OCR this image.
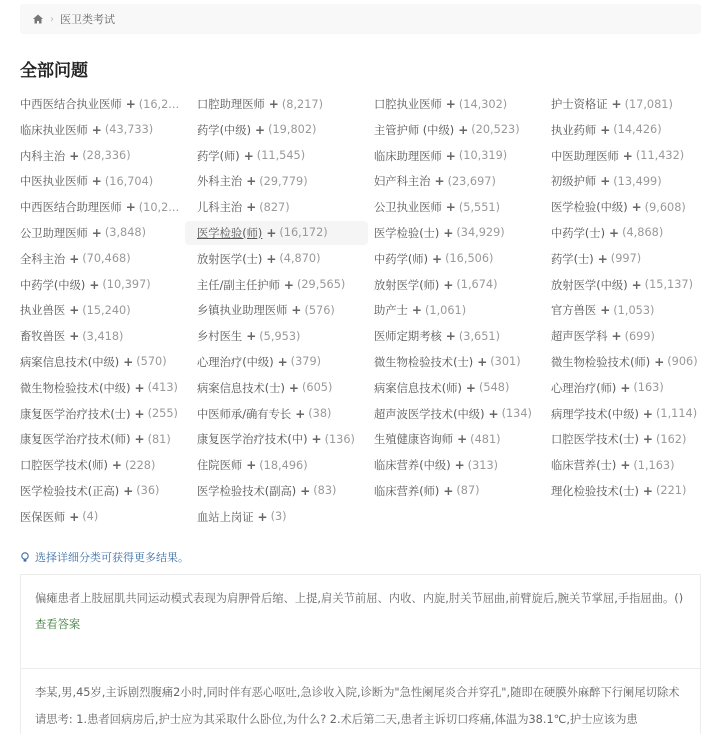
› 医卫类考试
全部问题
中西医结合执业医师 + (16,2... 口腔助理医师 + (8,217)	口腔执业医师 + (14,302)	护士资格证 + (17,081)
临床执业医师 + (43,733)	药学(中级) + (19,802)	主管护师 (中级) + (20,523)	执业药师 + (14,426)
内科主治 + (28,336)	药学(师) + (11,545)	临床助理医师 + (10,319)	中医助理医师 + (11,432)
中医执业医师 + (16,704)	外科主治 + (29,779)	妇产科主治 + (23,697)	初级护师 + (13,499)
中西医结合助理医师 + (10,2... 儿科主治 + (827)	公卫执业医师 + (5,551)	医学检验(中级) + (9,608)
公卫助理医师 + (3,848)	医学检验(师) + (16,172)	医学检验(士) + (34,929)	中药学(士) + (4,868)
全科主治 + (70,468)	放射医学(士) + (4,870)	中药学(师) + (16,506)	药学(士) + (997)
中药学(中级) + (10,397)	主任/副主任护师 + (29,565)	放射医学(师) + (1,674)	放射医学(中级) + (15,137)
执业兽医 + (15,240)	乡镇执业助理医师 + (576)	助产士 + (1,061)	官方兽医 + (1,053)
畜牧兽医 + (3,418)	乡村医生 + (5,953)	医师定期考核 + (3,651)	超声医学科 + (699)
病案信息技术(中级) + (570)	心理治疗(中级) + (379)	微生物检验技术(士) + (301)	微生物检验技术(师) + (906)
微生物检验技术(中级) + (413) 病案信息技术(士) + (605)	病案信息技术(师) + (548)	心理治疗(师) + (163)
康复医学治疗技术(士) + (255) 中医师承/确有专长 + (38)	超声波医学技术(中级) + (134) 病理学技术(中级) + (1,114)
康复医学治疗技术(师) + (81) 康复医学治疗技术(中) + (136) 生殖健康咨询师 + (481)	口腔医学技术(士) + (162)
口腔医学技术(师) + (228)	住院医师 + (18,496)	临床营养(中级) + (313)	临床营养(士) + (1,163)
医学检验技术(正高) + (36)	医学检验技术(副高) + (83)	临床营养(师) + (87)	理化检验技术(士) + (221)
医保医师 + (4)	血站上岗证 + (3)
选择详细分类可获得更多结果。
偏瘫患者上肢屈肌共同运动模式表现为肩胛骨后缩、上提,肩关节前屈、内收、内旋,肘关节屈曲,前臂旋后,腕关节掌屈,手指屈曲。()
查看答案
李某,男,45岁,主诉剧烈腹痛2小时,同时伴有恶心呕吐,急诊收入院,诊断为"急性阑尾炎合并穿孔",随即在硬膜外麻醉下行阑尾切除术 请思考: 1.患者回病房后,护士应为其采取什么卧位,为什么? 2.术后第二天,患者主诉切口疼痛,体温为38.1℃,护士应该为患
